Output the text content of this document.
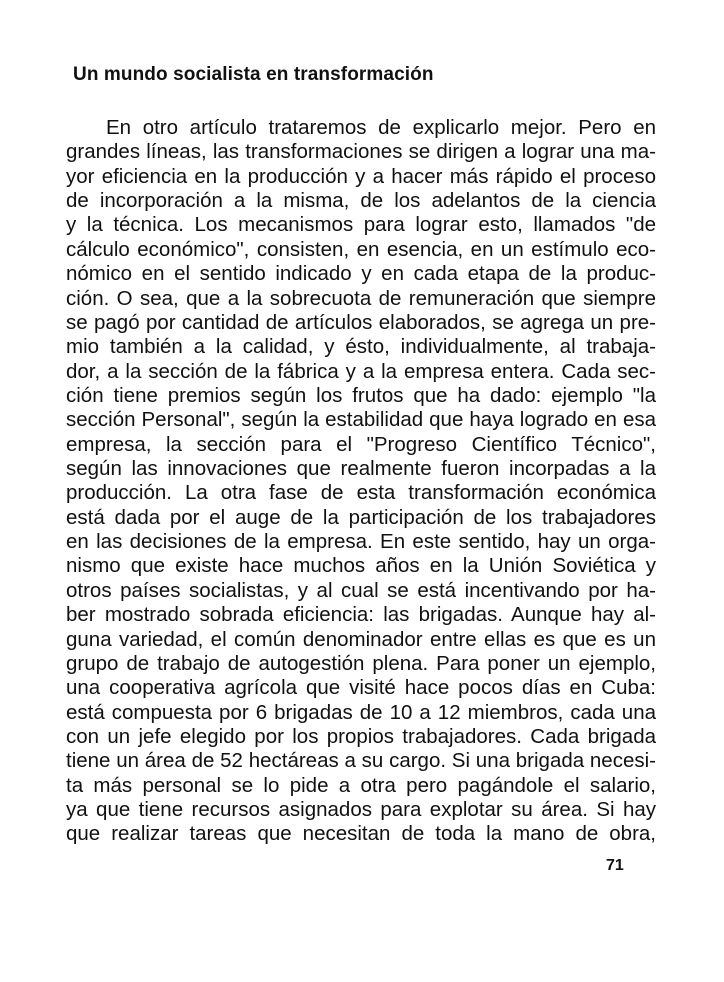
Un mundo socialista en transformación
En otro artículo trataremos de explicarlo mejor. Pero en
grandes líneas, las transformaciones se dirigen a lograr una ma-
yor eficiencia en la producción y a hacer más rápido el proceso
de incorporación a la misma, de los adelantos de la ciencia
y la técnica. Los mecanismos para lograr esto, llamados "de
cálculo económico", consisten, en esencia, en un estímulo eco-
nómico en el sentido indicado y en cada etapa de la produc-
ción. O sea, que a la sobrecuota de remuneración que siempre
se pagó por cantidad de artículos elaborados, se agrega un pre-
mio también a la calidad, y ésto, individualmente, al trabaja-
dor, a la sección de la fábrica y a la empresa entera. Cada sec-
ción tiene premios según los frutos que ha dado: ejemplo "la
sección Personal", según la estabilidad que haya logrado en esa
empresa, la sección para el "Progreso Científico Técnico",
según las innovaciones que realmente fueron incorpadas a la
producción. La otra fase de esta transformación económica
está dada por el auge de la participación de los trabajadores
en las decisiones de la empresa. En este sentido, hay un orga-
nismo que existe hace muchos años en la Unión Soviética y
otros países socialistas, y al cual se está incentivando por ha-
ber mostrado sobrada eficiencia: las brigadas. Aunque hay al-
guna variedad, el común denominador entre ellas es que es un
grupo de trabajo de autogestión plena. Para poner un ejemplo,
una cooperativa agrícola que visité hace pocos días en Cuba:
está compuesta por 6 brigadas de 10 a 12 miembros, cada una
con un jefe elegido por los propios trabajadores. Cada brigada
tiene un área de 52 hectáreas a su cargo. Si una brigada necesi-
ta más personal se lo pide a otra pero pagándole el salario,
ya que tiene recursos asignados para explotar su área. Si hay
que realizar tareas que necesitan de toda la mano de obra,
71
